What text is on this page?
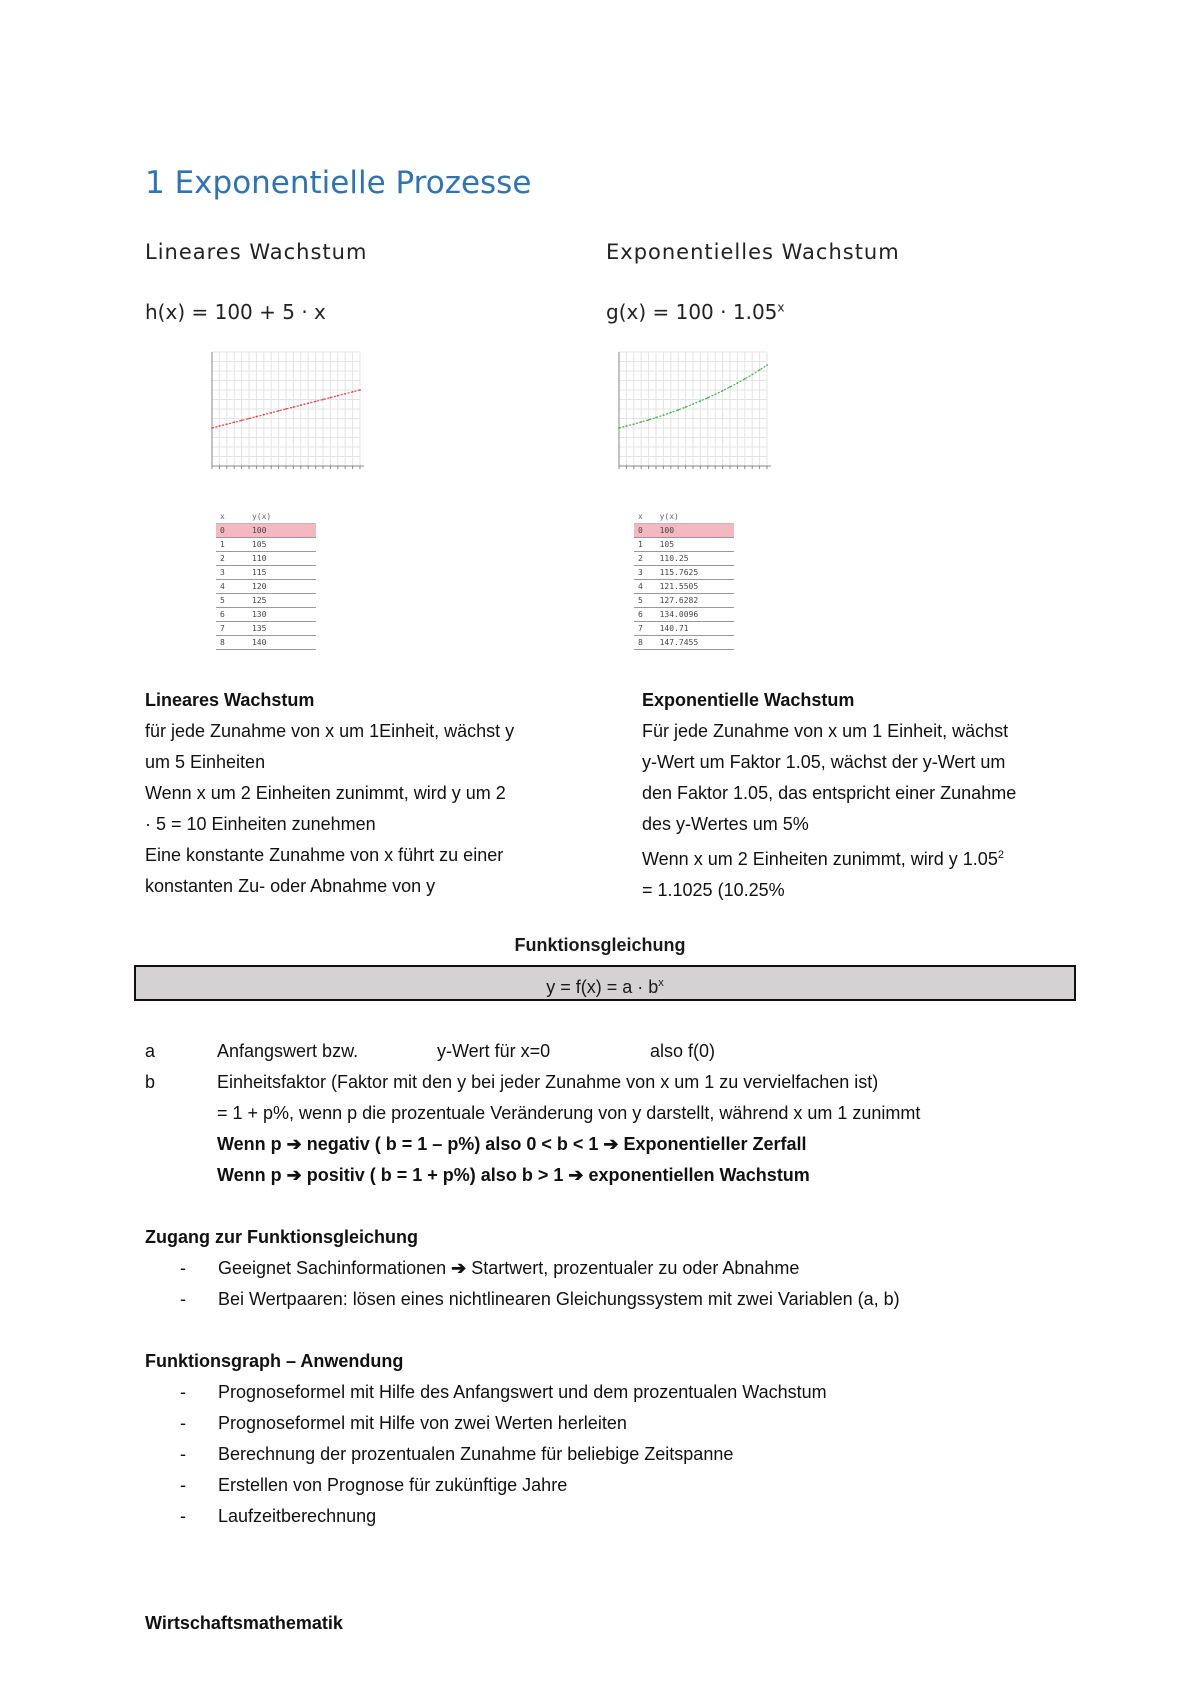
1 Exponentielle Prozesse
Lineares Wachstum
h(x) = 100 + 5 · x
Exponentielles Wachstum
$g(x) = 100 \cdot 1.05^x$
x	y(x)
0	100
1	105
2	110
3	115
4	120
5	125
6	130
7	135
8	140
x	y(x)
0	100
1	105
2	110.25
3	115.7625
4	121.5505
5	127.6282
6	134.0096
7	140.71
8	147.7455
Lineares Wachstum
für jede Zunahme von x um 1Einheit, wächst y
um 5 Einheiten
Wenn x um 2 Einheiten zunimmt, wird y um 2
· 5 = 10 Einheiten zunehmen
Eine konstante Zunahme von x führt zu einer
konstanten Zu- oder Abnahme von y
Exponentielle Wachstum
Für jede Zunahme von x um 1 Einheit, wächst
y-Wert um Faktor 1.05, wächst der y-Wert um
den Faktor 1.05, das entspricht einer Zunahme
des y-Wertes um 5%
Wenn x um 2 Einheiten zunimmt, wird y $1.05^2$
= 1.1025 (10.25%
Funktionsgleichung
$y = f(x) = a \cdot b^x$
a	Anfangswert bzw.	y-Wert für x=0	also f(0)
b	Einheitsfaktor (Faktor mit den y bei jeder Zunahme von x um 1 zu vervielfachen ist)
= 1 + p%, wenn p die prozentuale Veränderung von y darstellt, während x um 1 zunimmt
Wenn p ➔ negativ ( b = 1 – p%) also 0 < b < 1 ➔ Exponentieller Zerfall
Wenn p ➔ positiv ( b = 1 + p%) also b > 1 ➔ exponentiellen Wachstum
Zugang zur Funktionsgleichung
- Geeignet Sachinformationen ➔ Startwert, prozentualer zu oder Abnahme
- Bei Wertpaaren: lösen eines nichtlinearen Gleichungssystem mit zwei Variablen (a, b)
Funktionsgraph – Anwendung
- Prognoseformel mit Hilfe des Anfangswert und dem prozentualen Wachstum
- Prognoseformel mit Hilfe von zwei Werten herleiten
- Berechnung der prozentualen Zunahme für beliebige Zeitspanne
- Erstellen von Prognose für zukünftige Jahre
- Laufzeitberechnung
Wirtschaftsmathematik
